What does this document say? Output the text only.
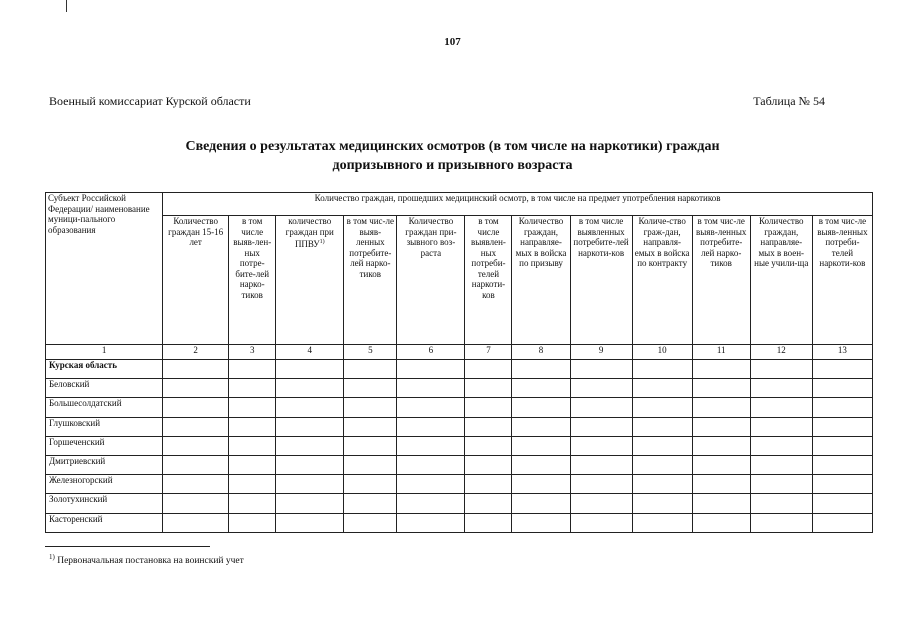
107
Военный комиссариат Курской области	Таблица № 54
Сведения о результатах медицинских осмотров (в том числе на наркотики) граждан
допризывного и призывного возраста
Субъект Российской Федерации/ наименование муници-пального образования	Количество граждан, прошедших медицинский осмотр, в том числе на предмет употребления наркотиков											
	Количество граждан 15-16 лет	в том числе выяв-лен-ных потре-бите-лей нарко-тиков	количество граждан при ППВУ$^{1)}$	в том чис-ле выяв-ленных потребите-лей нарко-тиков	Количество граждан при-зывного воз-раста	в том числе выявлен-ных потреби-телей наркоти-ков	Количество граждан, направляе-мых в войска по призыву	в том числе выявленных потребите-лей наркоти-ков	Количе-ство граж-дан, направля-емых в войска по контракту	в том чис-ле выяв-ленных потребите-лей нарко-тиков	Количество граждан, направляе-мых в воен-ные учили-ща	в том чис-ле выяв-ленных потреби-телей наркоти-ков
1	2	3	4	5	6	7	8	9	10	11	12	13
Курская область												
Беловский												
Большесолдатский												
Глушковский												
Горшеченский												
Дмитриевский												
Железногорский												
Золотухинский												
Касторенский												
$^{1)}$ Первоначальная постановка на воинский учет
